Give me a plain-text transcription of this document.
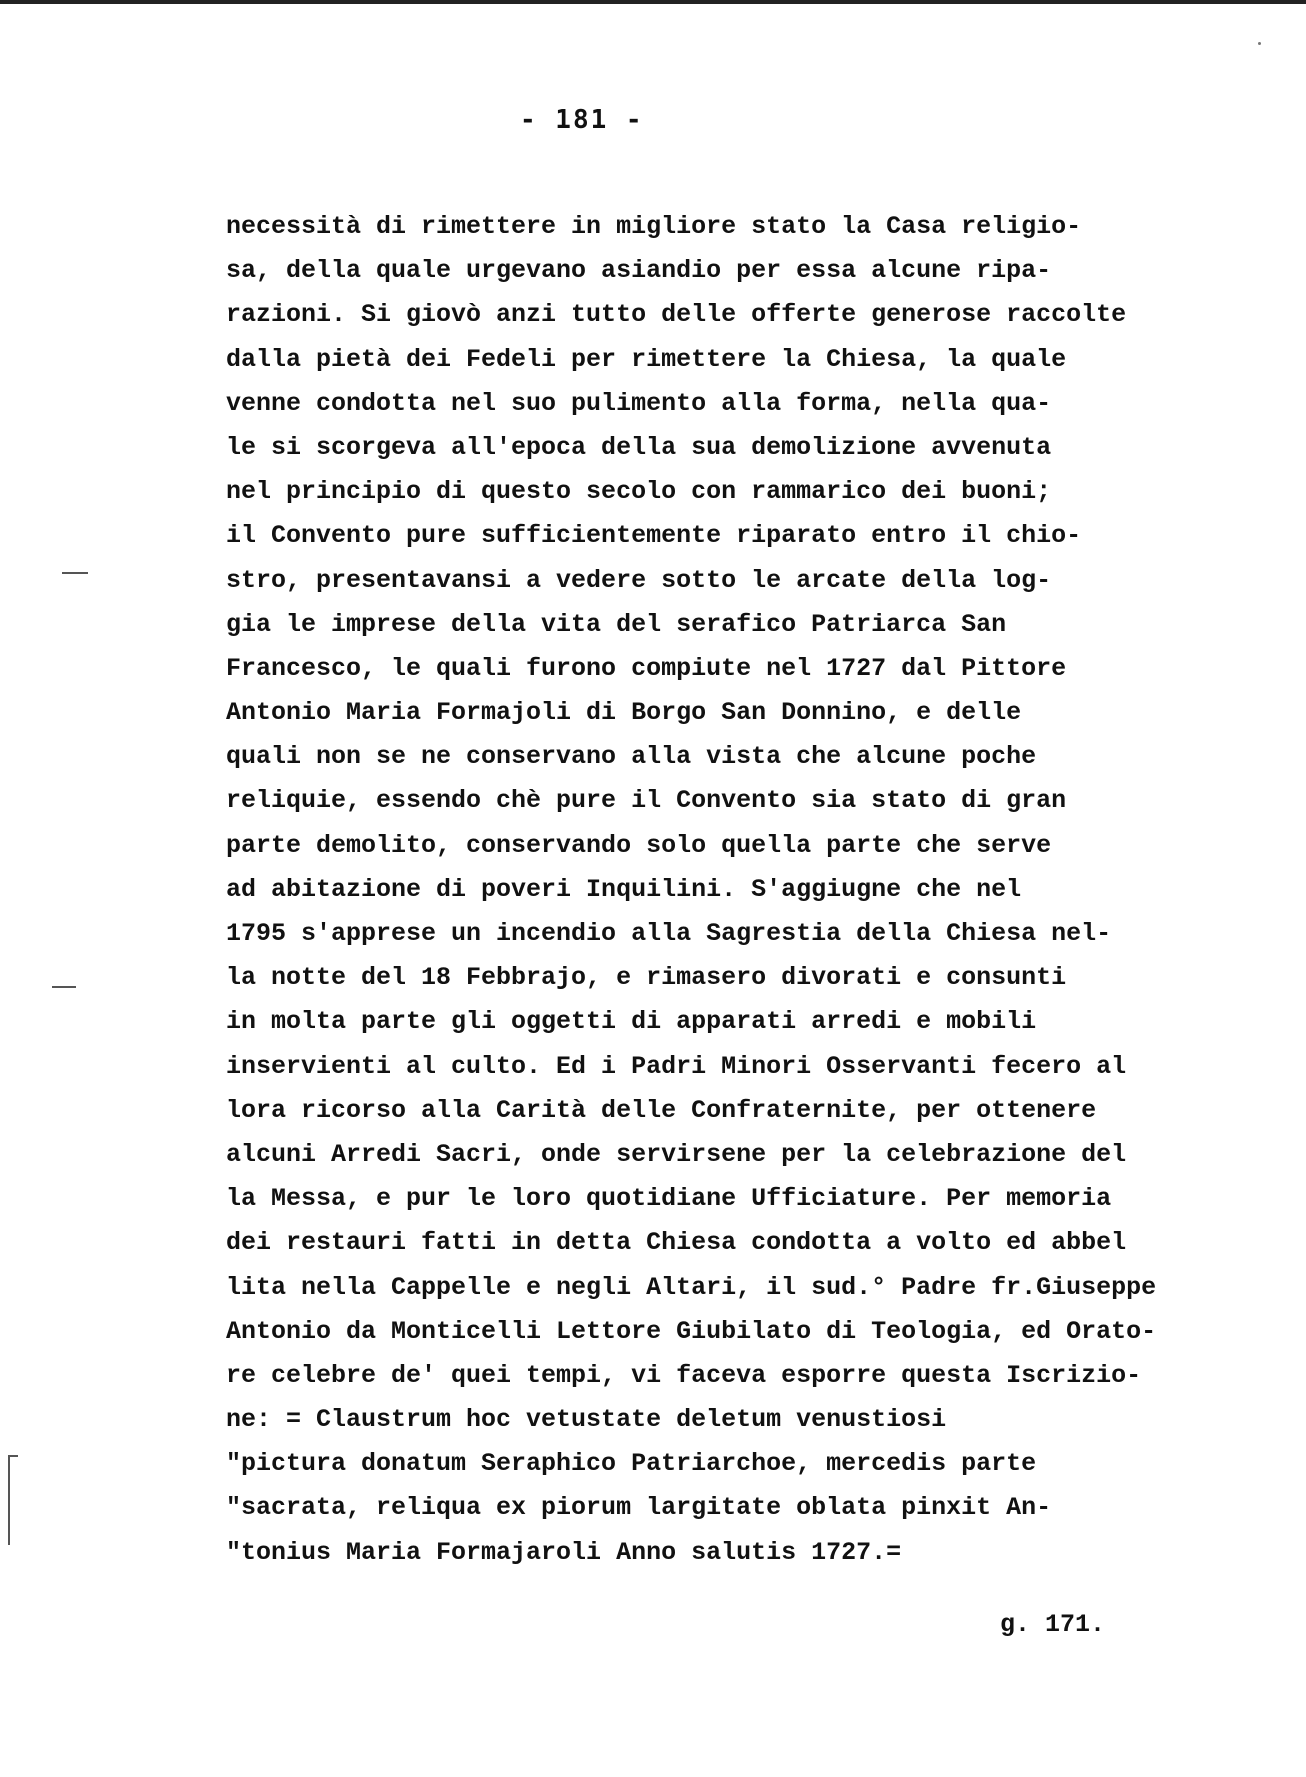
- 181 -
necessità di rimettere in migliore stato la Casa religio-
sa, della quale urgevano asiandio per essa alcune ripa-
razioni. Si giovò anzi tutto delle offerte generose raccolte
dalla pietà dei Fedeli per rimettere la Chiesa, la quale
venne condotta nel suo pulimento alla forma, nella qua-
le si scorgeva all'epoca della sua demolizione avvenuta
nel principio di questo secolo con rammarico dei buoni;
il Convento pure sufficientemente riparato entro il chio-
stro, presentavansi a vedere sotto le arcate della log-
gia le imprese della vita del serafico Patriarca San
Francesco, le quali furono compiute nel 1727 dal Pittore
Antonio Maria Formajoli di Borgo San Donnino, e delle
quali non se ne conservano alla vista che alcune poche
reliquie, essendo chè pure il Convento sia stato di gran
parte demolito, conservando solo quella parte che serve
ad abitazione di poveri Inquilini. S'aggiugne che nel
1795 s'apprese un incendio alla Sagrestia della Chiesa nel-
la notte del 18 Febbrajo, e rimasero divorati e consunti
in molta parte gli oggetti di apparati arredi e mobili
inservienti al culto. Ed i Padri Minori Osservanti fecero al
lora ricorso alla Carità delle Confraternite, per ottenere
alcuni Arredi Sacri, onde servirsene per la celebrazione del
la Messa, e pur le loro quotidiane Ufficiature. Per memoria
dei restauri fatti in detta Chiesa condotta a volto ed abbel
lita nella Cappelle e negli Altari, il sud.° Padre fr.Giuseppe
Antonio da Monticelli Lettore Giubilato di Teologia, ed Orato-
re celebre de' quei tempi, vi faceva esporre questa Iscrizio-
ne: = Claustrum hoc vetustate deletum venustiosi
"pictura donatum Seraphico Patriarchoe, mercedis parte
"sacrata, reliqua ex piorum largitate oblata pinxit An-
"tonius Maria Formajaroli Anno salutis 1727.=
g. 171.
